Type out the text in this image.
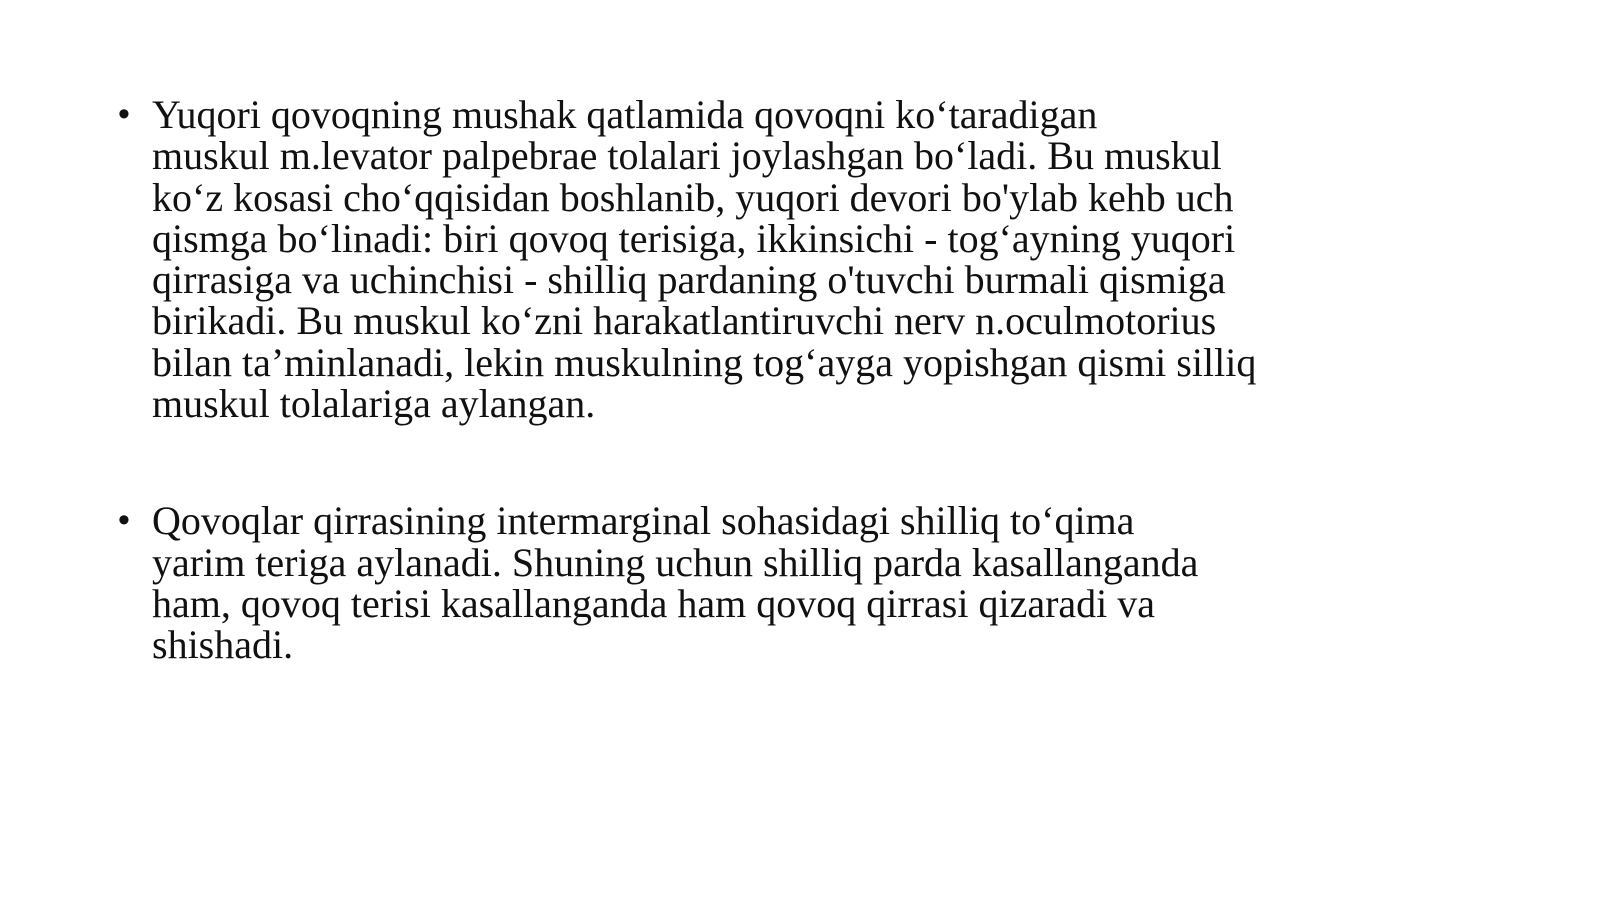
• Yuqori qovoqning mushak qatlamida qovoqni koʻtaradigan
muskul m.levator palpebrae tolalari joylashgan boʻladi. Bu muskul
koʻz kosasi choʻqqisidan boshlanib, yuqori devori bo'ylab kehb uch
qismga boʻlinadi: biri qovoq terisiga, ikkinsichi - togʻayning yuqori
qirrasiga va uchinchisi - shilliq pardaning o'tuvchi burmali qismiga
birikadi. Bu muskul koʻzni harakatlantiruvchi nerv n.oculmotorius
bilan ta’minlanadi, lekin muskulning togʻayga yopishgan qismi silliq
muskul tolalariga aylangan.
• Qovoqlar qirrasining intermarginal sohasidagi shilliq toʻqima
yarim teriga aylanadi. Shuning uchun shilliq parda kasallanganda
ham, qovoq terisi kasallanganda ham qovoq qirrasi qizaradi va
shishadi.
